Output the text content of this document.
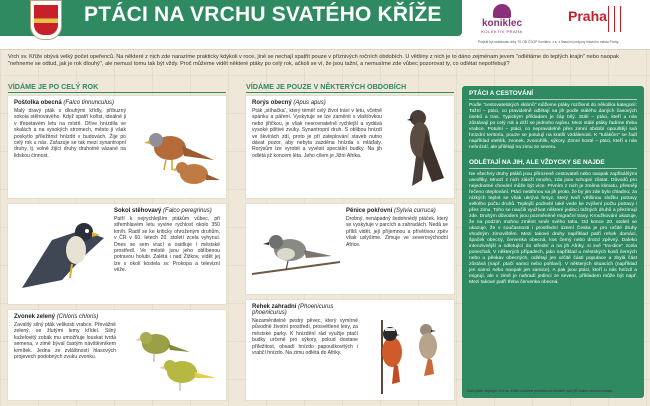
PTÁCI NA VRCHU SVATÉHO KŘÍŽE	koniklec
KOLEKTIV PRAHA
Praha
Projekt byl realizován díky TS OB ČSOP Koniklec, z.s. z finanční podpory hlavního města Prahy.
Vrch sv. Kříže obývá velký počet opeřenců. Na některé z nich zde narazíme prakticky kdykoli v roce, jiné se nechají spatřit pouze v příznivých ročních obdobích. U většiny z nich je to dáno zejménam jevem "odlétáme do teplých krajin" nebo naopak "nehneme se odtud, jak je rok dlouhý", ale nemusí tomu tak být vždy. Proč můžeme vidět některé ptáky po celý rok, ačkoli se ví, že jsou tažní, a nemusíme zde vůbec pozorovat ty, co odlétat nepotřebují?
VÍDÁME JE PO CELÝ ROK	VÍDÁME JE POUZE V NĚKTERÝCH OBDOBÍCH
Poštolka obecná (Falco tinnunculus)
Malý dravý pták s dlouhými křídly, příbuzný sokola stěhovavého. Když spatří kořist, ideálně ji v třepetavém letu na místě. Dříve hnízdila ve skalách a na vysokých stromech, město ji však poskytlo příležitost hnízdit v budovách. Žije po celý rok u nás. Zařazuje se tak mezi synantropní druhy, tj. volně žijící druhy druhotně vázané na lidskou činnost.
Sokol stěhovavý (Falco peregrinus)
Patří k nejrychlejším ptákům vůbec, při střemhlavém letu vyvine rychlost okolo 350 km/h. Řadil se ke kriticky ohroženým druhům, v ČR v 60. letech 20. století zcela vyhynul. Dnes se sem vrací a osidluje i městské prostředí. Ve městě jsou jeho oblíbenou potravou holubi. Zalétá i nad Žižkov, vídět jej lze v okolí kostela sv. Prokopa a televizní věže.
Zvonek zelený (Chloris chloris)
Zavalitý silný pták velikosti vrabce. Převážně zelený, se žlutými lemy křídel. Silný kuželovitý zobák mu umožňuje louskat tvrdá semena, v zimě býval častým návštěvníkem krmítek. Jedna ze zvláštností hlasových projevech podobných zvuku zvonku.
Rorýs obecný (Apus apus)
Pták „stíhačka“, který téměř celý život tráví v letu, včetně spánku a páření. Vyskytuje se lze zaměnit s vlašťovkou nebo jiřičkou, je však nesrovnatelně rychlejší a vydává vysoké pištivé zvuky. Synantropní druh. S oblibou hnízdí ve škvírách zdí, proto je při zateplování staveb nutno dávat pozor, aby nebyla zazděna hnízda s mláďaty. Rorýsům lze vyrobit a vyvěsit speciální budky. Na jih odlétá již koncem léta. Jeho cílem je Jižní Afrika.
Pěnice pokřovní (Sylvia curruca)
Drobný, nenápadný šedohnědý ptáček, který se vyskytuje v parcích a zahradách. Nedá se příliš vidět, její příjemnou a přívětivou zpěv však uslyšíme. Zimuje ve severovýchodní Africe.
Rehek zahradní (Phoenicurus phoenicurus)
Nezaměnitelně pestrý pěvec, který vymírně původně životní prostředí, prosvětlené lesy, za městské parky. K hnízdění rád využije ptačí budky určené pro sýkory, pokud dostane příležitost, obsadí hnízdo papouškovitých i vrabčí hnízdo. Na zimu odlétá do Afriky.
PTÁCI A CESTOVÁNÍ

Podle "cestovatelských sklonů" můžeme ptáky rozčlenit do několika kategorií: Tažní – ptáci, co pravidelně odlétají na jih podle stálého daných časových úseků a tras. Typickým příkladem je čáp bílý. Stálí – ptáci, kteří u nás zůstávají po celý rok a drží se jednoho rajónu. Mezi stálé ptáky řadíme třeba vrabce. Potulní – ptáci, co nepravidelně přes zimní období opouštějí svá hnízdní teritoria, pouze se potulují na kratší vzdálenost. K "tulákům" se řadí například stehlík, zvonek, zvonohlík, sýkory. Zimní hosté – ptáci, kteří u nás nehnízdí, ale přilétají na zimu ze severu.

ODLÉTAJÍ NA JIH, ALE VŽDYCKY SE NAJDE

Ne všechny druhy ptáků jsou přirozeně cestovateli nebo naopak zapřisáhlými usedlíky. Mnozí z nich záleží mnoho, zda jsou schopni zůstat. Důvodů pro nejednotné chování může být více. Prvním z nich je změna klimatu, přesněji řečeno oteplování. Ptáci netáhnou na jih proto, že by jim zde bylo chladno; za nízkých teplot se však ukrývá hmyz, který tvoří většinou složku potravy velkého počtu druhů. Teplejší podnebí také vede ke zvýšení počtu potravy i přes zimu. Toho se naučili využívat některé jedinci tažných druhů a přezimují zde. Druhým důvodem jsou pozměněné migrační trasy. Kroužkování ukazuje, že na podzim mohou změnit směr svého tahu. Od konce 20. století se ukazuje, že v současnosti i prostřední území Česka je pro určité druhy vhodným zimovištěm. Mezi takové druhy například patří rehek domácí, špaček obecný, červenka obecná, kos černý nebo drozd zpěvný. Daleko intenzivnější a odletující do střední a na jih Afriky, si své "tra-dice" zcela ponechali. V některých případech, jako například u městských kosů černých nebo u pěnkav obecných, odlétají jen určité části populace a zbylá část zůstává (např. ptačí samci nebo pohlaví). V některých situacích (například jen samci nebo naopak jen samice). A pak jsou ptáci, kteří u nás hnízdí a migrují, ale v zimě je nahradí jedinci ze severu, příkladem může být např. Mezi takové patří třeba červenka obecná.

Další ptáky obývající Vrch sv. Kříže si můžete prohlédnout virtuálně pod QR kódem na konci panelu.
